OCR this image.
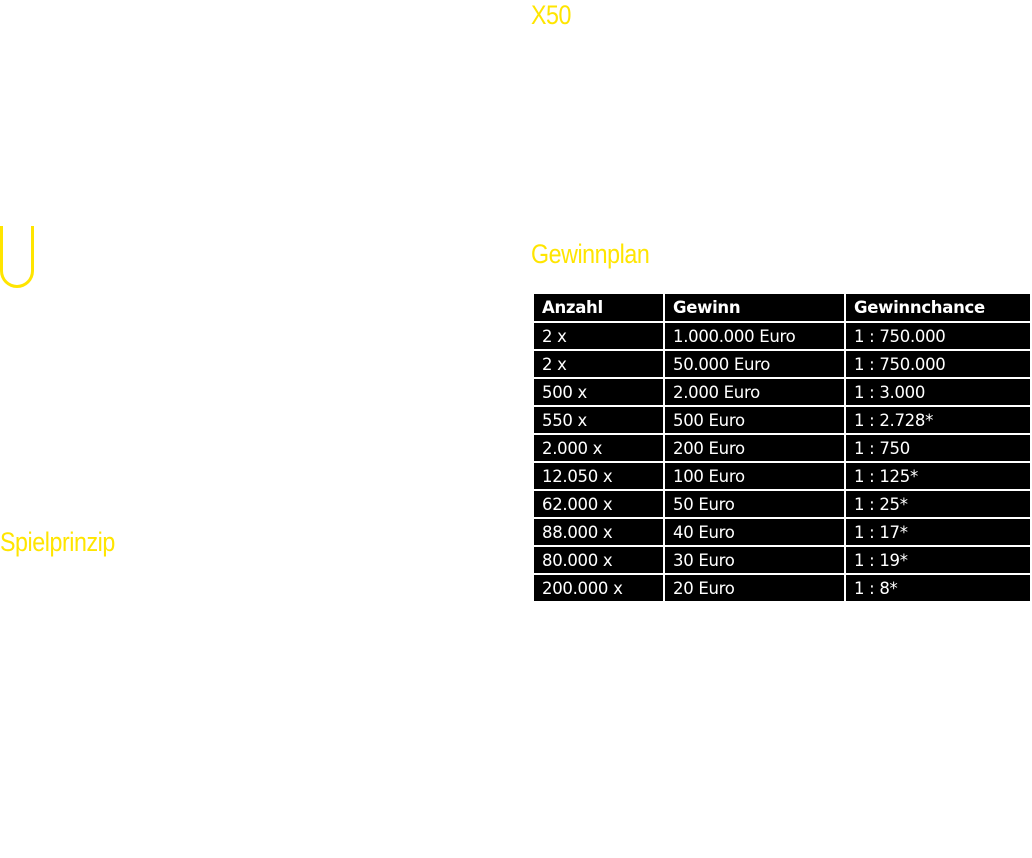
X50
Gewinnplan
Spielprinzip
Anzahl	Gewinn	Gewinnchance
2 x	1.000.000 Euro	1 : 750.000
2 x	50.000 Euro	1 : 750.000
500 x	2.000 Euro	1 : 3.000
550 x	500 Euro	1 : 2.728*
2.000 x	200 Euro	1 : 750
12.050 x	100 Euro	1 : 125*
62.000 x	50 Euro	1 : 25*
88.000 x	40 Euro	1 : 17*
80.000 x	30 Euro	1 : 19*
200.000 x	20 Euro	1 : 8*
